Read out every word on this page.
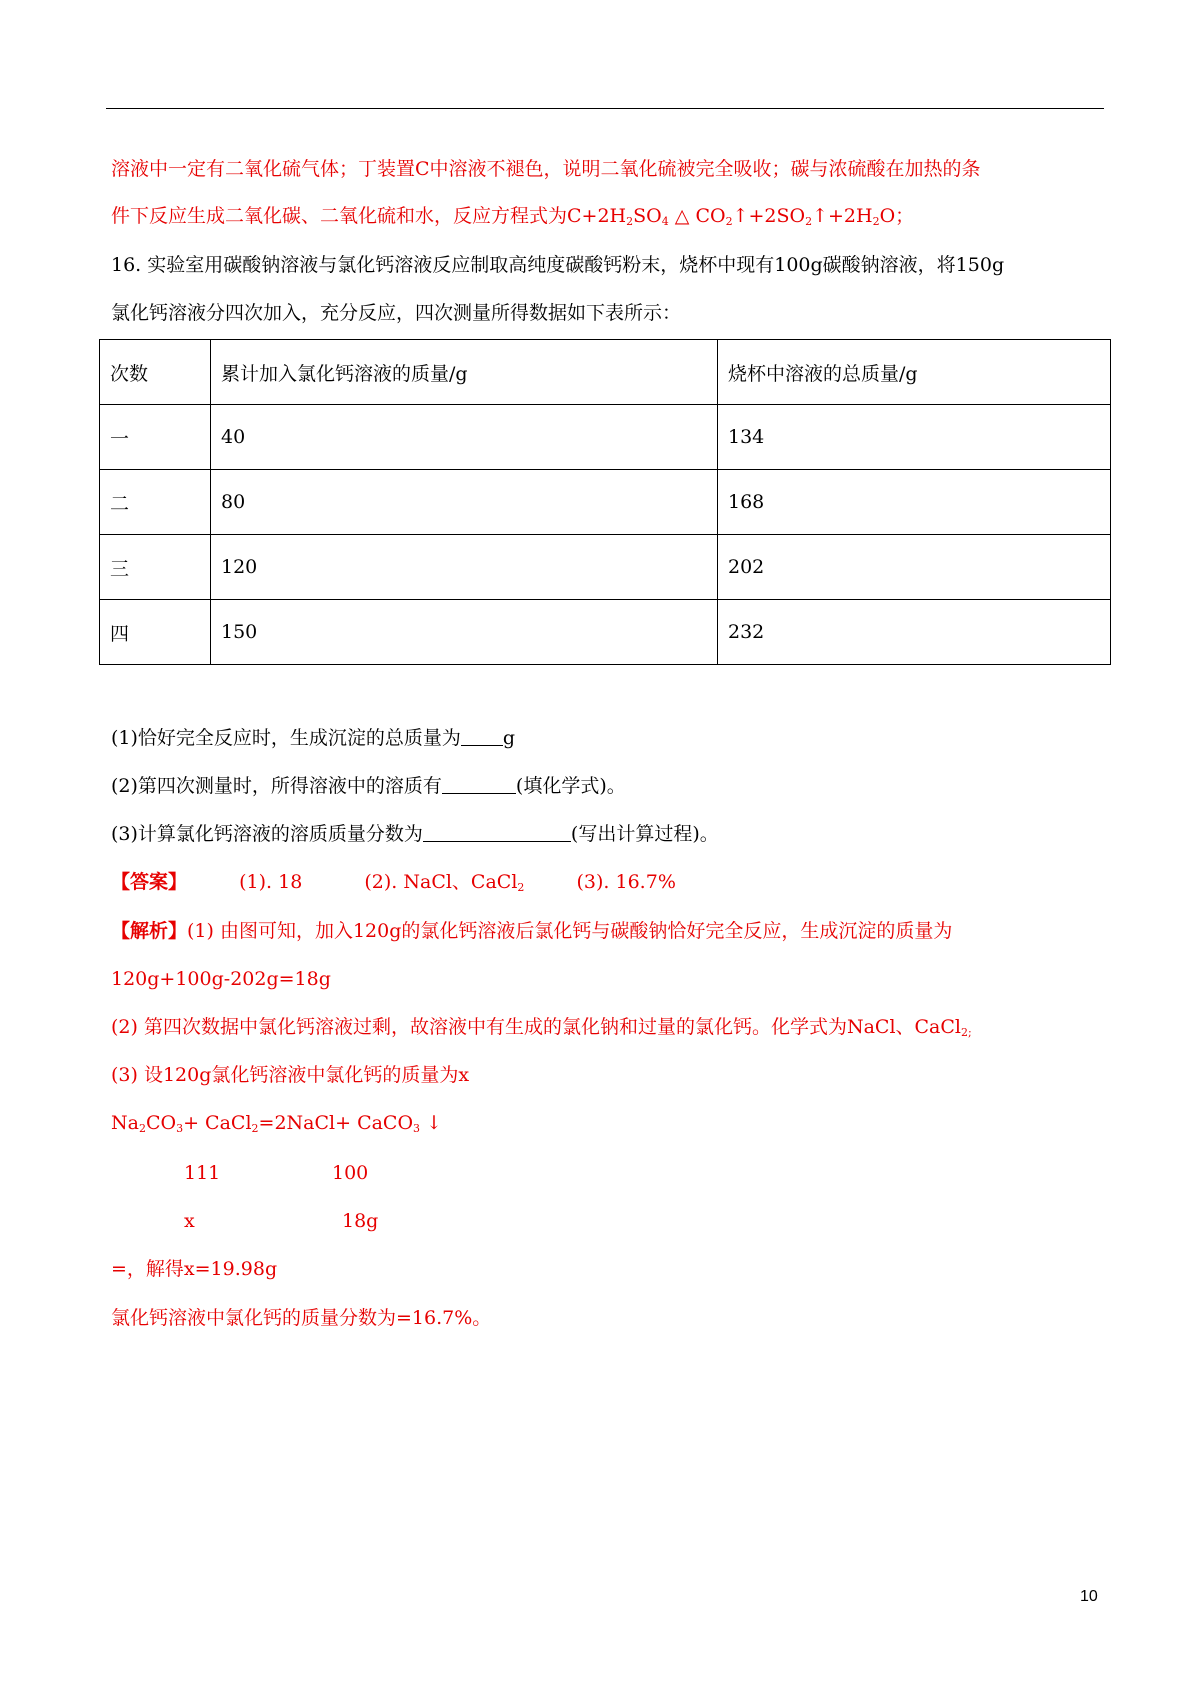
溶液中一定有二氧化硫气体；丁装置C中溶液不褪色，说明二氧化硫被完全吸收；碳与浓硫酸在加热的条
件下反应生成二氧化碳、二氧化硫和水，反应方程式为$C+2H_2SO_4$ △ $CO_2↑+2SO_2↑+2H_2O$；
16. 实验室用碳酸钠溶液与氯化钙溶液反应制取高纯度碳酸钙粉末，烧杯中现有100g碳酸钠溶液，将150g
氯化钙溶液分四次加入，充分反应，四次测量所得数据如下表所示：
次数	累计加入氯化钙溶液的质量/g	烧杯中溶液的总质量/g
一	40	134
二	80	168
三	120	202
四	150	232
(1)恰好完全反应时，生成沉淀的总质量为 g
(2)第四次测量时，所得溶液中的溶质有	(填化学式)。
(3)计算氯化钙溶液的溶质质量分数为	(写出计算过程)。
【答案】	(1). 18	(2). NaCl、CaCl$_2$	(3). 16.7%
【解析】(1) 由图可知，加入120g的氯化钙溶液后氯化钙与碳酸钠恰好完全反应，生成沉淀的质量为
120g+100g-202g=18g
(2) 第四次数据中氯化钙溶液过剩，故溶液中有生成的氯化钠和过量的氯化钙。化学式为NaCl、CaCl$_{2;}$
(3) 设120g氯化钙溶液中氯化钙的质量为x
$Na_2CO_3+$ CaCl$_2$=2NaCl+ CaCO$_3$ ↓
111	100
x	18g
=，解得x=19.98g
氯化钙溶液中氯化钙的质量分数为=16.7%。
10
